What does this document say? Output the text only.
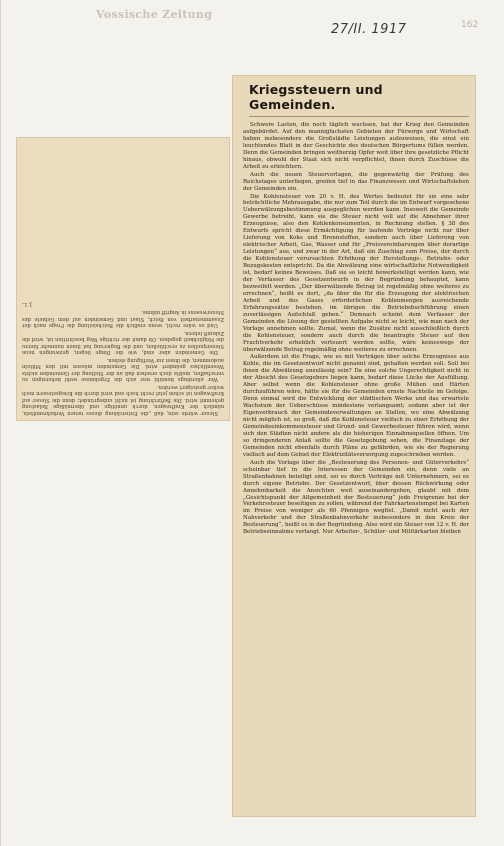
Vossische Zeitung
27/II. 1917	162

Steuer würde sein, daß „die Entwicklung dieses neuen Verkehrsmittels, nämlich der Kraftwagen, durch unnötige und übermäßige Belastung gehemmt wird. Die Befürchtung ist nicht unbegründet; denn die Steuer auf Kraftwagen ist schon jetzt recht hoch und wird durch die Kriegssteuern noch weiter gesteigert werden.

Wer allerdings bemüht war sich die Ergebnisse wohl beherzigen zu verschaffen, mußte doch ersehen daß an der Stellung der Gemeinden nichts Wesentliches geändert wird. Die Gemeinden müssen mit den Mitteln auskommen, die ihnen zur Verfügung stehen.

Die Gemeinden aber sind, wie die Dinge liegen, gezwungen neue Steuerquellen zu erschließen, und die Regierung hat ihnen nunmehr hierzu die Möglichkeit gegeben. Ob damit der richtige Weg beschritten ist, wird die Zukunft lehren.

Und es wäre recht, wenn endlich die Reichsleitung die Frage nach der Zusammenarbeit von Reich, Staat und Gemeinden auf dem Gebiete des Steuerwesens in Angriff nähme.

J. L.

Kriegssteuern und Gemeinden.

Schwere Lasten, die noch täglich wachsen, hat der Krieg den Gemeinden aufgebürdet. Auf den mannigfachsten Gebieten der Fürsorge und Wirtschaft haben insbesondere die Großstädte Leistungen aufzuweisen, die einst ein leuchtendes Blatt in der Geschichte des deutschen Bürgertums füllen werden. Denn die Gemeinden bringen weitherzig Opfer weit über ihre gesetzliche Pflicht hinaus, obwohl der Staat sich nicht verpflichtet, ihnen durch Zuschüsse die Arbeit zu erleichtern.

Auch die neuen Steuervorlagen, die gegenwärtig der Prüfung des Reichstages unterliegen, greifen tief in das Finanzwesen und Wirtschaftsleben der Gemeinden ein.

Die Kohlensteuer von 20 v. H. des Wertes bedeutet für sie eine sehr beträchtliche Mehrausgabe, die nur zum Teil durch die im Entwurf vorgesehene Ueberwälzungsbestimmung ausgeglichen werden kann. Insoweit die Gemeinde Gewerbe betreibt, kann sie die Steuer nicht voll auf die Abnehmer ihrer Erzeugnisse, also den Kohlenkonsumenten, in Rechnung stellen. § 38 des Entwurfs spricht diese Ermächtigung für laufende Verträge nicht nur über Lieferung von Koks und Brennstoffen, sondern auch über Lieferung von elektrischer Arbeit, Gas, Wasser und für „Preisvereinbarungen über derartige Leistungen“ aus, und zwar in der Art, daß ein Zuschlag zum Preise, der durch die Kohlensteuer verursachten Erhöhung der Herstellungs-, Betriebs- oder Bezugskosten entspricht. Da die Abwälzung eine wirtschaftliche Notwendigkeit ist, bedarf keines Beweises. Daß sie so leicht bewerkstelligt werden kann, wie der Verfasser des Gesetzentwurfs in der Begründung behauptet, kann bezweifelt werden. „Der überwälzende Betrag ist regelmäßig ohne weiteres zu errechnen“, heißt es dort, „da über die für die Erzeugung der elektrischen Arbeit und des Gases erforderlichen Kohlenmengen ausreichende Erfahrungssätze bestehen, im übrigen die Betriebsbuchführung einen zuverlässigen Aufschluß geben.“ Demnach scheint dem Verfasser der Gemeinden die Lösung der gestellten Aufgabe nicht so leicht, wie man nach der Vorlage annehmen sollte. Zumal, wenn die Zusätze nicht ausschließlich durch die Kohlensteuer, sondern auch durch die beantragte Steuer auf den Frachtverkehr erheblich verteuert werden sollte, wäre keineswegs der überwälzende Betrag regelmäßig ohne weiteres zu errechnen.

Außerdem ist die Frage, wie es mit Verträgen über solche Erzeugnisse aus Kohle, die im Gesetzentwurf nicht genannt sind, gehalten werden soll. Soll bei ihnen die Abwälzung unzulässig sein? Da eine solche Ungerechtigkeit nicht in der Absicht des Gesetzgebers liegen kann, bedarf diese Lücke der Ausfüllung. Aber selbst wenn die Kohlensteuer ohne große Mühen und Härten durchzuführen wäre, hätte sie für die Gemeinden ernste Nachteile im Gefolge. Denn einmal wird die Entwicklung der städtischen Werke und das erwartete Wachstum der Ueberschüsse mindestens verlangsamt; sodann aber ist der Eigenverbrauch der Gemeindeverwaltungen an Stellen, wo eine Abwälzung nicht möglich ist, so groß, daß die Kohlensteuer vielfach zu einer Erhöhung der Gemeindeeinkommensteuer und Grund- und Gewerbesteuer führen wird, wenn sich den Städten nicht andere als die bisherigen Einnahmequellen öffnen. Um so dringenderen Anlaß sollte die Gesetzgebung sehen, die Finanzlage der Gemeinden nicht ebenfalls durch Pläne zu gefährden, wie sie der Regierung vielfach auf dem Gebiet der Elektrizitätsversorgung zugeschrieben werden.

Auch die Vorlage über die „Besteuerung des Personen- und Güterverkehrs“ scheinbar tief in die Interessen der Gemeinden ein, denn viele an Straßenbahnen beteiligt sind, sei es durch Verträge mit Unternehmern, sei es durch eigene Betriebe. Der Gesetzentwurf, über dessen Rückwirkung oder Annehmbarkeit die Ansichten weit auseinandergehen, glaubt mit dem „Gesichtspunkt der Allgemeinheit der Besteuerung“ jede Freigrenze bei der Verkehrssteuer beseitigen zu sollen, während der Fahrkartenstempel bei Karten im Preise von weniger als 60 Pfennigen wegfiel. „Damit nicht auch der Nahverkehr und der Straßenbahnverkehr insbesondere in den Kreis der Besteuerung“, heißt es in der Begründung. Also wird ein Steuer von 12 v. H. der Betriebseinnahme verlangt. Nur Arbeiter-, Schüler- und Militärkarten bleiben
